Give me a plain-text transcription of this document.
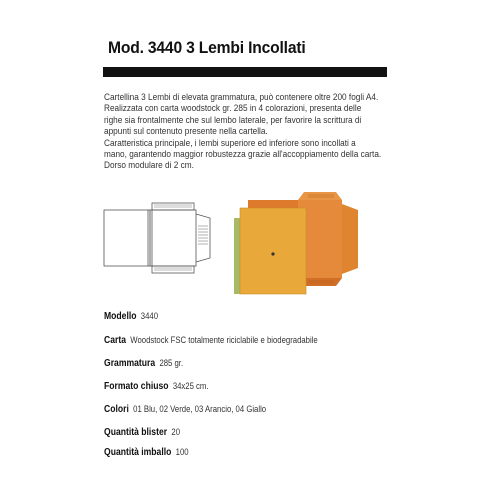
Mod. 3440 3 Lembi Incollati

Cartellina 3 Lembi di elevata grammatura, può contenere oltre 200 fogli A4.

Realizzata con carta woodstock gr. 285 in 4 colorazioni, presenta delle

righe sia frontalmente che sul lembo laterale, per favorire la scrittura di

appunti sul contenuto presente nella cartella.

Caratteristica principale, i lembi superiore ed inferiore sono incollati a

mano, garantendo maggior robustezza grazie all'accoppiamento della carta.

Dorso modulare di 2 cm.

Modello 3440
Carta Woodstock FSC totalmente riciclabile e biodegradabile
Grammatura 285 gr.
Formato chiuso 34x25 cm.
Colori 01 Blu, 02 Verde, 03 Arancio, 04 Giallo
Quantità blister 20
Quantità imballo 100
